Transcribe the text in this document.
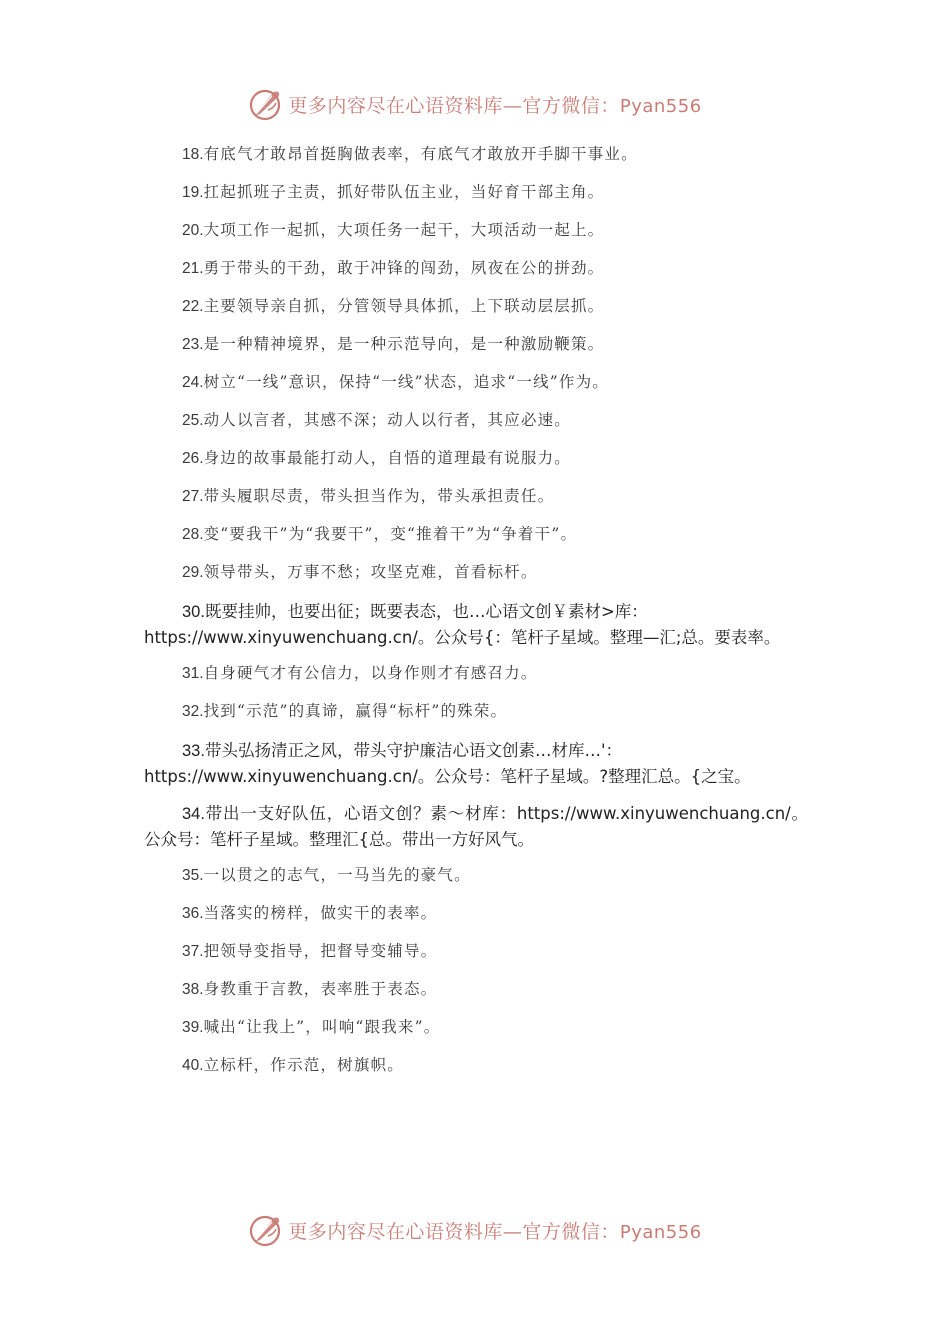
更多内容尽在心语资料库—官方微信：Pyan556
18.有底气才敢昂首挺胸做表率，有底气才敢放开手脚干事业。
19.扛起抓班子主责，抓好带队伍主业，当好育干部主角。
20.大项工作一起抓，大项任务一起干，大项活动一起上。
21.勇于带头的干劲，敢于冲锋的闯劲，夙夜在公的拼劲。
22.主要领导亲自抓，分管领导具体抓，上下联动层层抓。
23.是一种精神境界，是一种示范导向，是一种激励鞭策。
24.树立“一线”意识，保持“一线”状态，追求“一线”作为。
25.动人以言者，其感不深；动人以行者，其应必速。
26.身边的故事最能打动人，自悟的道理最有说服力。
27.带头履职尽责，带头担当作为，带头承担责任。
28.变“要我干”为“我要干”，变“推着干”为“争着干”。
29.领导带头，万事不愁；攻坚克难，首看标杆。
30.既要挂帅，也要出征；既要表态，也…心语文创￥素材>库：https://www.xinyuwenchuang.cn/。公众号{：笔杆子星域。整理—汇;总。要表率。
31.自身硬气才有公信力，以身作则才有感召力。
32.找到“示范”的真谛，赢得“标杆”的殊荣。
33.带头弘扬清正之风，带头守护廉洁心语文创素…材库…'：https://www.xinyuwenchuang.cn/。公众号：笔杆子星域。?整理汇总。{之宝。
34.带出一支好队伍，心语文创？素～材库：https://www.xinyuwenchuang.cn/。公众号：笔杆子星域。整理汇{总。带出一方好风气。
35.一以贯之的志气，一马当先的豪气。
36.当落实的榜样，做实干的表率。
37.把领导变指导，把督导变辅导。
38.身教重于言教，表率胜于表态。
39.喊出“让我上”，叫响“跟我来”。
40.立标杆，作示范，树旗帜。
更多内容尽在心语资料库—官方微信：Pyan556
